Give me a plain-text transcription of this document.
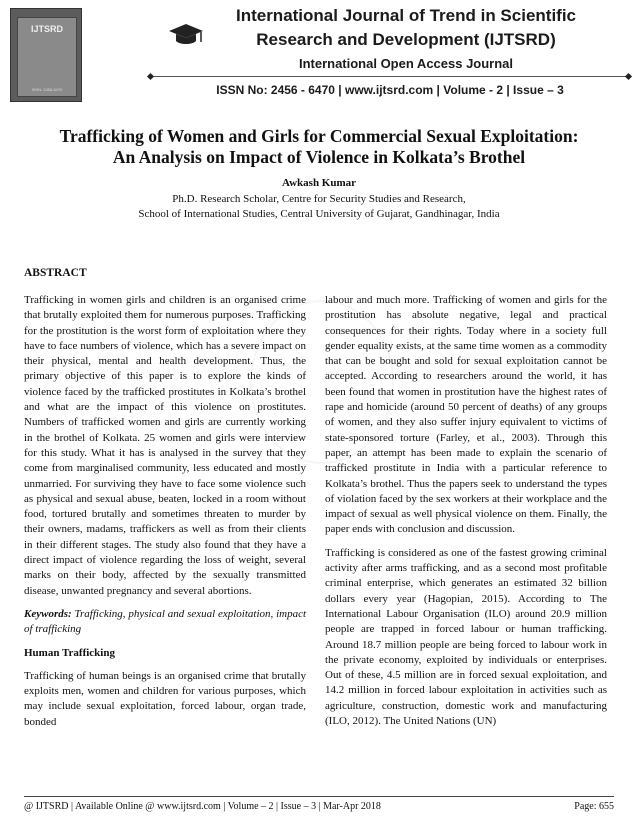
IJTSRD
ISSN: 2456-6470
International Journal of Trend in Scientific
Research and Development (IJTSRD)
International Open Access Journal
ISSN No: 2456 - 6470 | www.ijtsrd.com | Volume - 2 | Issue – 3
Trafficking of Women and Girls for Commercial Sexual Exploitation:
An Analysis on Impact of Violence in Kolkata’s Brothel
Awkash Kumar
Ph.D. Research Scholar, Centre for Security Studies and Research,
School of International Studies, Central University of Gujarat, Gandhinagar, India
ABSTRACT

Trafficking in women girls and children is an organised crime that brutally exploited them for numerous purposes. Trafficking for the prostitution is the worst form of exploitation where they have to face numbers of violence, which has a severe impact on their physical, mental and health development. Thus, the primary objective of this paper is to explore the kinds of violence faced by the trafficked prostitutes in Kolkata’s brothel and what are the impact of this violence on prostitutes. Numbers of trafficked women and girls are currently working in the brothel of Kolkata. 25 women and girls were interview for this study. What it has is analysed in the survey that they come from marginalised community, less educated and mostly unmarried. For surviving they have to face some violence such as physical and sexual abuse, beaten, locked in a room without food, tortured brutally and sometimes threaten to murder by their owners, madams, traffickers as well as from their clients in their different stages. The study also found that they have a direct impact of violence regarding the loss of weight, several marks on their body, affected by the sexually transmitted disease, unwanted pregnancy and several abortions.

Keywords: Trafficking, physical and sexual exploitation, impact of trafficking

Human Trafficking

Trafficking of human beings is an organised crime that brutally exploits men, women and children for various purposes, which may include sexual exploitation, forced labour, organ trade, bonded

labour and much more. Trafficking of women and girls for the prostitution has absolute negative, legal and practical consequences for their rights. Today where in a society full gender equality exists, at the same time women as a commodity that can be bought and sold for sexual exploitation cannot be accepted. According to researchers around the world, it has been found that women in prostitution have the highest rates of rape and homicide (around 50 percent of deaths) of any groups of women, and they also suffer injury equivalent to victims of state-sponsored torture (Farley, et al., 2003). Through this paper, an attempt has been made to explain the scenario of trafficked prostitute in India with a particular reference to Kolkata’s brothel. Thus the papers seek to understand the types of violation faced by the sex workers at their workplace and the impact of sexual as well physical violence on them. Finally, the paper ends with conclusion and discussion.

Trafficking is considered as one of the fastest growing criminal activity after arms trafficking, and as a second most profitable criminal enterprise, which generates an estimated 32 billion dollars every year (Hagopian, 2015). According to The International Labour Organisation (ILO) around 20.9 million people are trapped in forced labour or human trafficking. Around 18.7 million people are being forced to labour work in the private economy, exploited by individuals or enterprises. Out of these, 4.5 million are in forced sexual exploitation, and 14.2 million in forced labour exploitation in activities such as agriculture, construction, domestic work and manufacturing (ILO, 2012). The United Nations (UN)

@ IJTSRD | Available Online @ www.ijtsrd.com | Volume – 2 | Issue – 3 | Mar-Apr 2018	Page: 655
